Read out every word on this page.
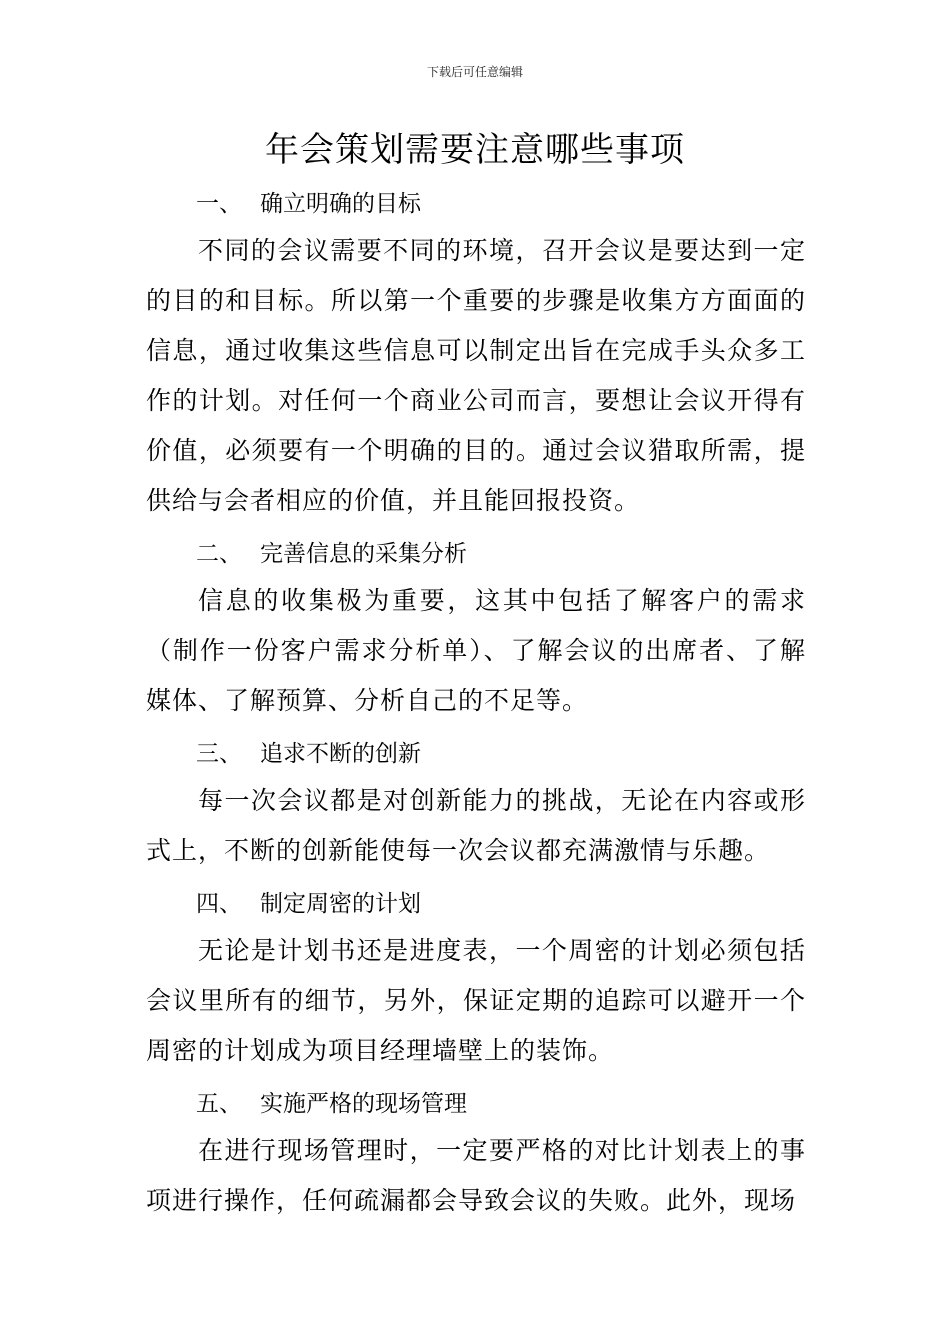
下载后可任意编辑
年会策划需要注意哪些事项
一、 确立明确的目标

不同的会议需要不同的环境，召开会议是要达到一定的目的和目标。所以第一个重要的步骤是收集方方面面的信息，通过收集这些信息可以制定出旨在完成手头众多工作的计划。对任何一个商业公司而言，要想让会议开得有价值，必须要有一个明确的目的。通过会议猎取所需，提供给与会者相应的价值，并且能回报投资。

二、 完善信息的采集分析

信息的收集极为重要，这其中包括了解客户的需求（制作一份客户需求分析单）、了解会议的出席者、了解媒体、了解预算、分析自己的不足等。

三、 追求不断的创新

每一次会议都是对创新能力的挑战，无论在内容或形式上，不断的创新能使每一次会议都充满激情与乐趣。

四、 制定周密的计划

无论是计划书还是进度表，一个周密的计划必须包括会议里所有的细节，另外，保证定期的追踪可以避开一个周密的计划成为项目经理墙壁上的装饰。

五、 实施严格的现场管理

在进行现场管理时，一定要严格的对比计划表上的事项进行操作，任何疏漏都会导致会议的失败。此外，现场
